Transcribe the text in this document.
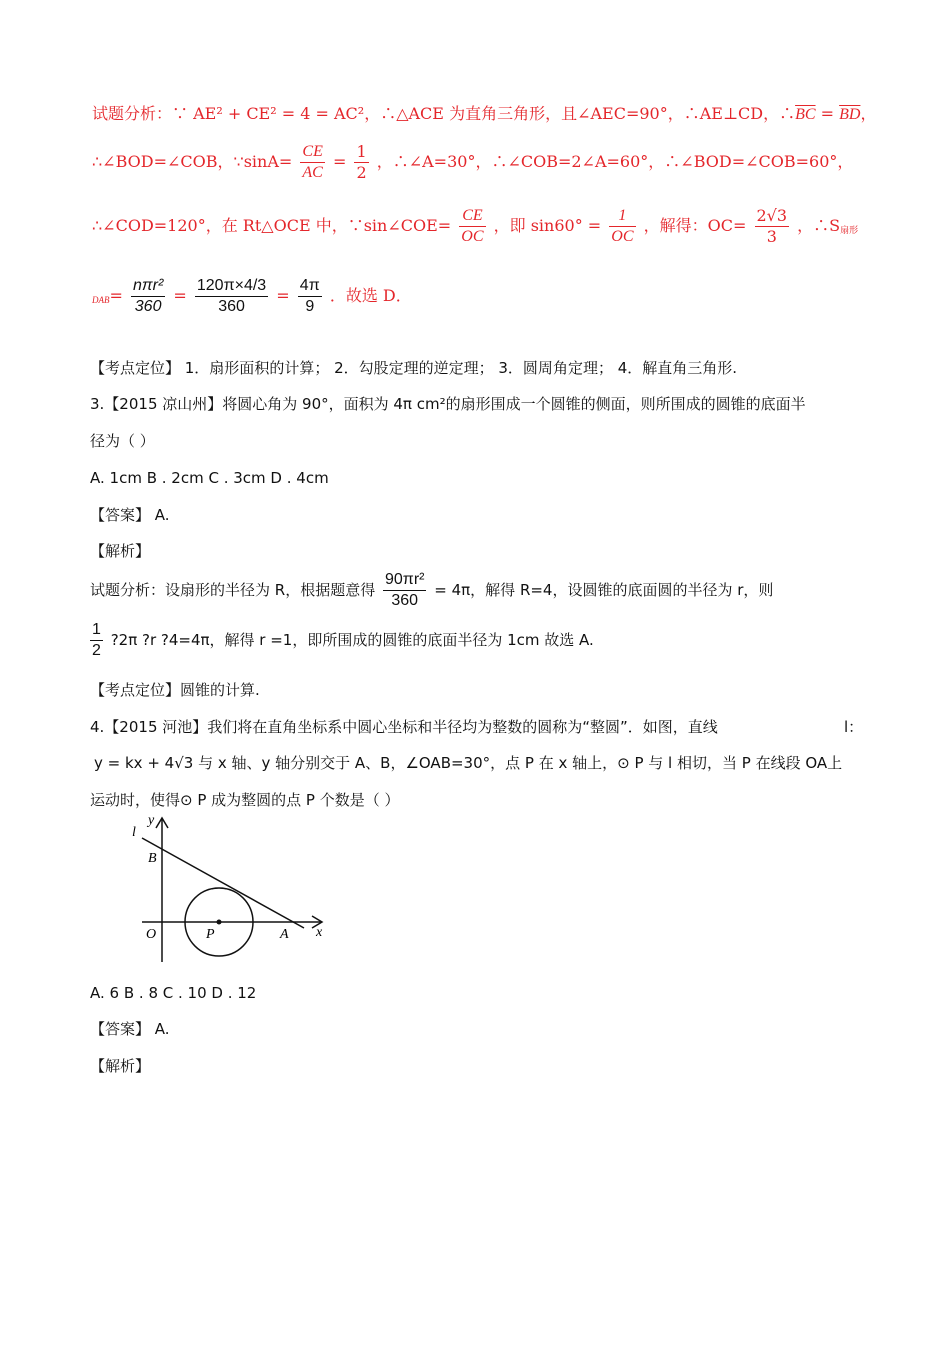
试题分析：∵ AE² + CE² = 4 = AC²，∴△ACE 为直角三角形，且∠AEC=90°，∴AE⊥CD，$\therefore\overline{BC} = \overline{BD}$，
∴∠BOD=∠COB，∵sinA= $\frac{CE}{AC} = \frac{1}{2}$ ，∴∠A=30°，∴∠COB=2∠A=60°，∴∠BOD=∠COB=60°，
∴∠COD=120°，在 Rt△OCE 中，∵sin∠COE= $\frac{CE}{OC}$ ，即 $\sin 60^\circ = \frac{1}{OC}$ ，解得：$OC= \frac{2√3}{3}$ ，$\therefore S_{扇形}$
$_{DAB}= \frac{\text{nπr²}}{360} = \frac{120\pi\times 4/3}{360} = \frac{4\pi}{9}$ ．故选 D．
【考点定位】 1．扇形面积的计算； 2．勾股定理的逆定理； 3．圆周角定理； 4．解直角三角形.
3.【2015 凉山州】将圆心角为 90°，面积为 4π cm²的扇形围成一个圆锥的侧面，则所围成的圆锥的底面半
径为（ ）
A. 1cm B . 2cm C . 3cm D . 4cm
【答案】 A.
【解析】
试题分析：设扇形的半径为 R，根据题意得 $\frac{\text{90πr²}}{360} = 4\pi$，解得 R=4，设圆锥的底面圆的半径为 r，则
$\frac{1}{2}$ ?2π ?r ?4=4π，解得 r =1，即所围成的圆锥的底面半径为 1cm 故选 A.
【考点定位】圆锥的计算.
4.【2015 河池】我们将在直角坐标系中圆心坐标和半径均为整数的圆称为“整圆”．如图，直线	l：
y = kx + 4√3 与 x 轴、y 轴分别交于 A、B，∠OAB=30°，点 P 在 x 轴上，⊙ P 与 l 相切，当 P 在线段 OA上
运动时，使得⊙ P 成为整圆的点 P 个数是（ ）
l
y
B
O	P	A x
A. 6 B . 8 C . 10 D . 12
【答案】 A.
【解析】
